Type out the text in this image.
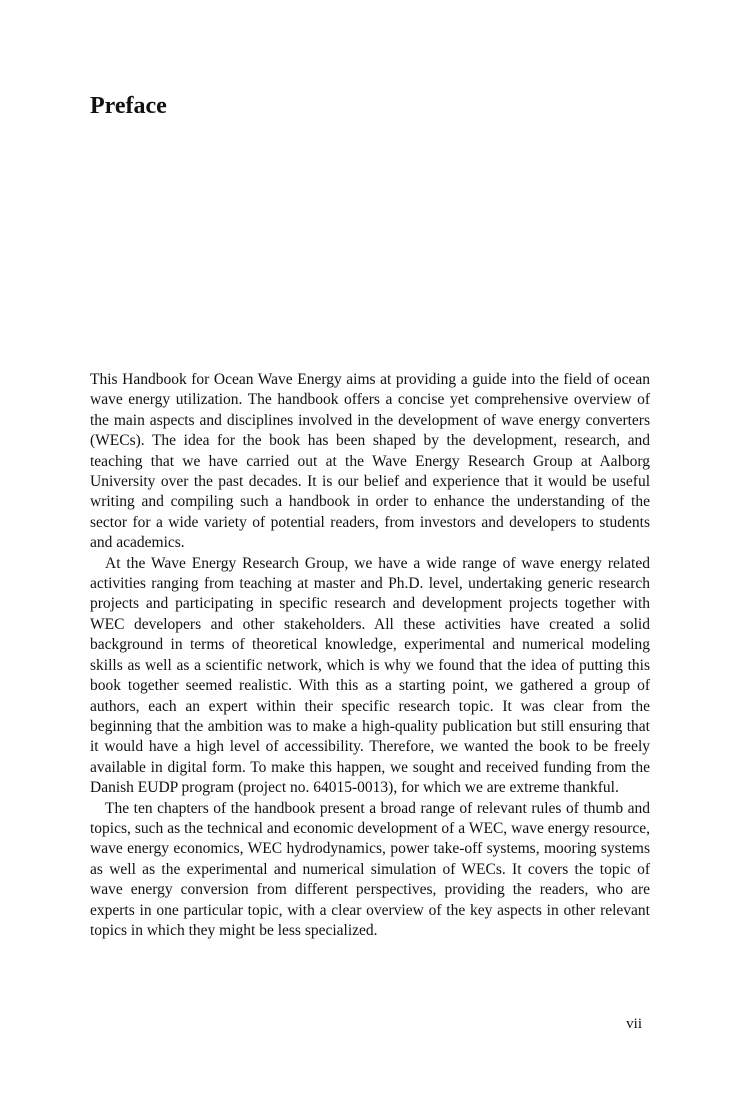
Preface

This Handbook for Ocean Wave Energy aims at providing a guide into the field of ocean wave energy utilization. The handbook offers a concise yet comprehensive overview of the main aspects and disciplines involved in the development of wave energy converters (WECs). The idea for the book has been shaped by the development, research, and teaching that we have carried out at the Wave Energy Research Group at Aalborg University over the past decades. It is our belief and experience that it would be useful writing and compiling such a handbook in order to enhance the understanding of the sector for a wide variety of potential readers, from investors and developers to students and academics.

At the Wave Energy Research Group, we have a wide range of wave energy related activities ranging from teaching at master and Ph.D. level, undertaking generic research projects and participating in specific research and development projects together with WEC developers and other stakeholders. All these activities have created a solid background in terms of theoretical knowledge, experimental and numerical modeling skills as well as a scientific network, which is why we found that the idea of putting this book together seemed realistic. With this as a starting point, we gathered a group of authors, each an expert within their specific research topic. It was clear from the beginning that the ambition was to make a high-quality publication but still ensuring that it would have a high level of accessibility. Therefore, we wanted the book to be freely available in digital form. To make this happen, we sought and received funding from the Danish EUDP program (project no. 64015-0013), for which we are extreme thankful.

The ten chapters of the handbook present a broad range of relevant rules of thumb and topics, such as the technical and economic development of a WEC, wave energy resource, wave energy economics, WEC hydrodynamics, power take-off systems, mooring systems as well as the experimental and numerical simulation of WECs. It covers the topic of wave energy conversion from different perspectives, providing the readers, who are experts in one particular topic, with a clear overview of the key aspects in other relevant topics in which they might be less specialized.

vii
